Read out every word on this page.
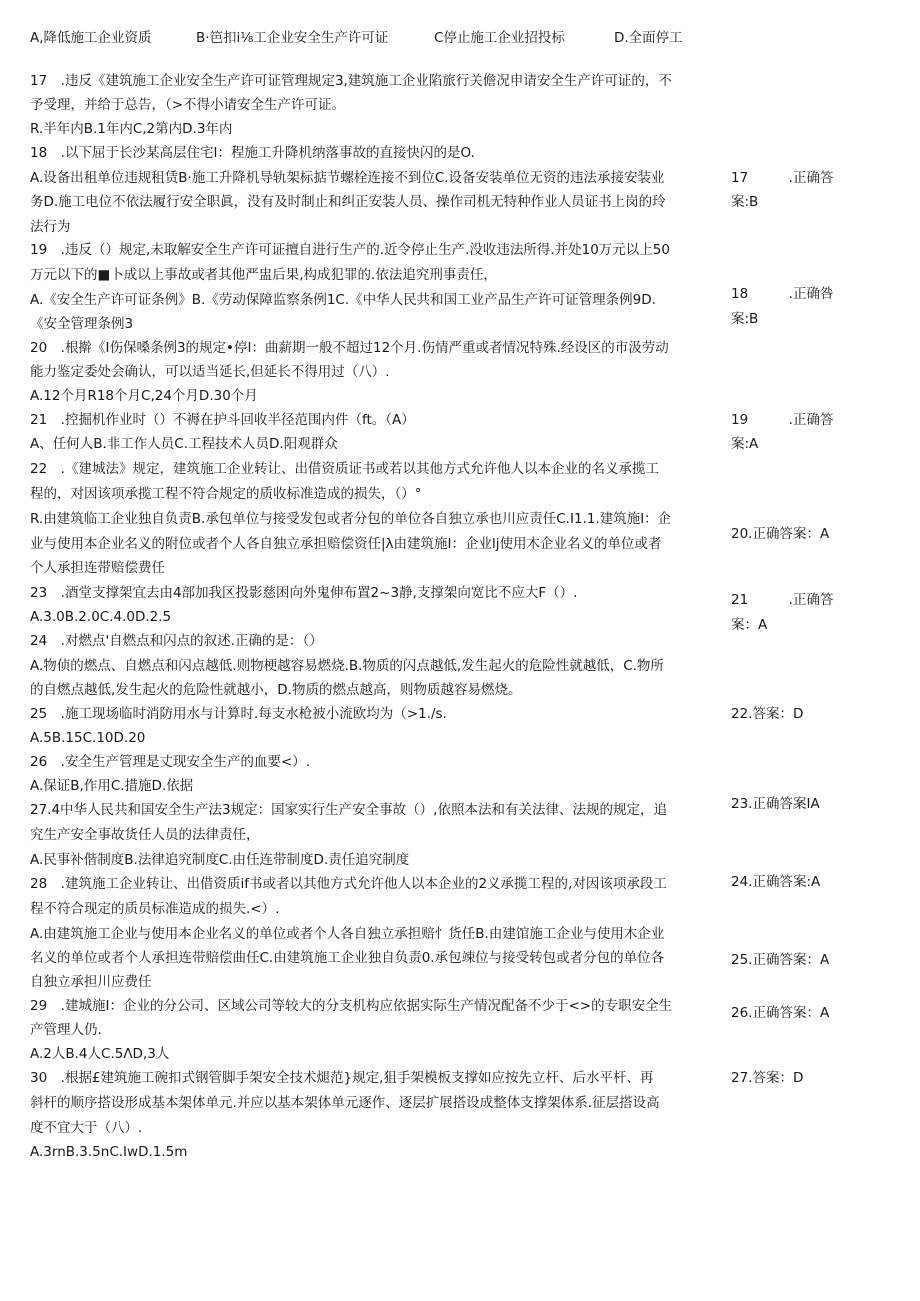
A,降低施工企业资质	B·笆扣i⅛工企业安全生产许可证	C停止施工企业招投标	D.全面停工
17　.违反《建筑施工企业安全生产许可证管理规定3,建筑施工企业陷旅行关儋况申请安全生产许可证的，不
予受理，并给于总告，（>不得小请安全生产许可证。
R.半年内B.1年内C,2第内D.3年内
18　.以下屈于长沙某高层住宅I：程施工升降机纳落事故的直接快闪的是O.
A.设备出租单位违规租赁B·施工升降机导轨架标掂节螺栓连接不到位C.设备安装单位无资的违法承接安装业
务D.施工电位不依法履行安全职眞，没有及时制止和纠正安装人员、操作司机无特种作业人员证书上岗的玲
法行为
19　.违反（）规定,未取解安全生产许可证擅自进行生产的.近令停止生产.没收违法所得.并处10万元以上50
万元以下的■卜成以上事故或者其他严盅后果,构成犯罪的.依法追究刑事责任，
A.《安全生产许可证条例》B.《劳动保障监察条例1C.《中华人民共和国工业产品生产许可证管理条例9D.
《安全管理条例3
20　.根擀《I伤保嗓条例3的规定•停I：曲薪期一般不超过12个月.伤情严重或者情况特殊.经设区的市汲劳动
能力鉴定委处会确认，可以适当延长,但延长不得用过（八）.
A.12个月R18个月C,24个月D.30个月
21　.控掘机作业时（）不褥在护斗回收半径范围内件（ft。（A）
A、任何人B.非工作人员C.工程技术人员D.阳观群众
22　.《建城法》规定，建筑施工企业转让、出借资质证书或若以其他方式允许他人以本企业的名义承揽工
程的，对因该项承揽工程不符合规定的质收标准造成的损失，（）°
R.由建筑临工企业独自负责B.承包单位与接受发包或者分包的单位各自独立承也川应责任C.I1.1.建筑施I：企
业与使用本企业名义的附位或者个人各自独立承担赔偿资任|λ由建筑施I：企业lj使用木企业名义的单位或者
个人承担连带赔偿费任
23　.酒堂支撑架宜去由4部加我区投影慈困向外鬼伸布置2~3静,支撑架向宽比不应大F（）.
A.3.0B.2.0C.4.0D.2.5
24　.对燃点'自燃点和闪点的叙述.正确的是：（）
A.物侦的燃点、自燃点和闪点越低.则物梗越容易燃烧.B.物质的闪点越低,发生起火的危险性就越低，C.物所
的自燃点越低,发生起火的危险性就越小，D.物质的燃点越高，则物质越容易燃烧。
25　.施工现场临时消防用水与计算时.每支水枪被小流欧均为（>1./s.
A.5B.15C.10D.20
26　.安全生产管理是丈现安全生产的血要<）.
A.保证B,作用C.措施D.依据
27.4中华人民共和国安全生产法3规定：国家实行生产安全事故（）,依照本法和有关法律、法规的规定，追
究生产安全事故货任人员的法律责任，
A.民事补偕制度B.法律追究制度C.由任连带制度D.责任追究制度
28　.建筑施工企业转让、出借资质if书或者以其他方式允许他人以本企业的2义承揽工程的,对因该项承段工
程不符合现定的质员标准造成的损失.<）.
A.由建筑施工企业与使用本企业名义的单位或者个人各自独立承担赔忄货任B.由建馆施工企业与使用木企业
名义的单位或者个人承担连带赔偿曲任C.由建筑施工企业独自负责0.承包竦位与接受转包或者分包的单位各
自独立承担川应费任
29　.建城施I：企业的分公司、区域公司等较大的分支机构应依据实际生产情况配备不少于<>的专职安全生
产管理人仍.
A.2人B.4人C.5ΛD,3人
30　.根据£建筑施工碗扣式钢管脚手架安全技术煺范}规定,狙手架模板支撑如应按先立杆、后水平杆、再
斜杆的顺序搭设形成基本架体单元.并应以基本架体单元逐作、逐层扩展搭设成整体支撑架体系.征层搭设高
度不宜大于（八）.
A.3rnB.3.5nC.IwD.1.5m
17　　　.正确答
案:B
18　　　.正确咎
案:B
19　　　.正确答
案:A
20.正确答案：A
21　　　.正确答
案：A
22.答案：D
23.正确答案IA
24.正确答案:A
25.正确答案：A
26.正确答案：A
27.答案：D
